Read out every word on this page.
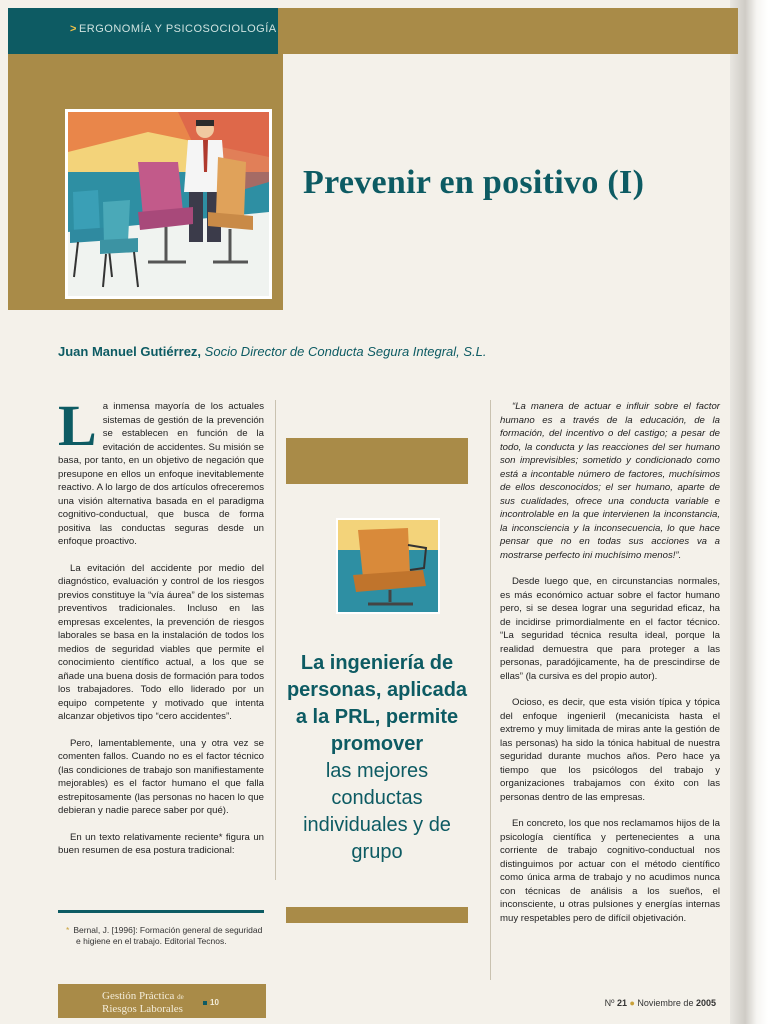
> ERGONOMÍA Y PSICOSOCIOLOGÍA
Prevenir en positivo (I)
Juan Manuel Gutiérrez, Socio Director de Conducta Segura Integral, S.L.

La inmensa mayoría de los actuales sistemas de gestión de la prevención se establecen en función de la evitación de accidentes. Su misión se basa, por tanto, en un objetivo de negación que presupone en ellos un enfoque inevitablemente reactivo. A lo largo de dos artículos ofreceremos una visión alternativa basada en el paradigma cognitivo-conductual, que busca de forma positiva las conductas seguras desde un enfoque proactivo.

La evitación del accidente por medio del diagnóstico, evaluación y control de los riesgos previos constituye la “vía áurea” de los sistemas preventivos tradicionales. Incluso en las empresas excelentes, la prevención de riesgos laborales se basa en la instalación de todos los medios de seguridad viables que permite el conocimiento científico actual, a los que se añade una buena dosis de formación para todos los trabajadores. Todo ello liderado por un equipo competente y motivado que intenta alcanzar objetivos tipo “cero accidentes”.

Pero, lamentablemente, una y otra vez se comenten fallos. Cuando no es el factor técnico (las condiciones de trabajo son manifiestamente mejorables) es el factor humano el que falla estrepitosamente (las personas no hacen lo que debieran y nadie parece saber por qué).

En un texto relativamente reciente* figura un buen resumen de esa postura tradicional:

La ingeniería de personas, aplicada a la PRL, permite promover
las mejores conductas individuales y de grupo

“La manera de actuar e influir sobre el factor humano es a través de la educación, de la formación, del incentivo o del castigo; a pesar de todo, la conducta y las reacciones del ser humano son imprevisibles; sometido y condicionado como está a incontable número de factores, muchísimos de ellos desconocidos; el ser humano, aparte de sus cualidades, ofrece una conducta variable e incontrolable en la que intervienen la inconstancia, la inconsciencia y la inconsecuencia, lo que hace pensar que no en todas sus acciones va a mostrarse perfecto ini muchísimo menos!”.

Desde luego que, en circunstancias normales, es más económico actuar sobre el factor humano pero, si se desea lograr una seguridad eficaz, ha de incidirse primordialmente en el factor técnico. “La seguridad técnica resulta ideal, porque la realidad demuestra que para proteger a las personas, paradójicamente, ha de prescindirse de ellas” (la cursiva es del propio autor).

Ocioso, es decir, que esta visión típica y tópica del enfoque ingenieril (mecanicista hasta el extremo y muy limitada de miras ante la gestión de las personas) ha sido la tónica habitual de nuestra seguridad durante muchos años. Pero hace ya tiempo que los psicólogos del trabajo y organizaciones trabajamos con éxito con las personas dentro de las empresas.

En concreto, los que nos reclamamos hijos de la psicología científica y pertenecientes a una corriente de trabajo cognitivo-conductual nos distinguimos por actuar con el método científico como única arma de trabajo y no acudimos nunca con técnicas de análisis a los sueños, el inconsciente, u otras pulsiones y energías internas muy respetables pero de difícil objetivación.

* Bernal, J. [1996]: Formación general de seguridad e higiene en el trabajo. Editorial Tecnos.
Gestión Práctica de
Riesgos Laborales
10	Nº 21 ● Noviembre de 2005
